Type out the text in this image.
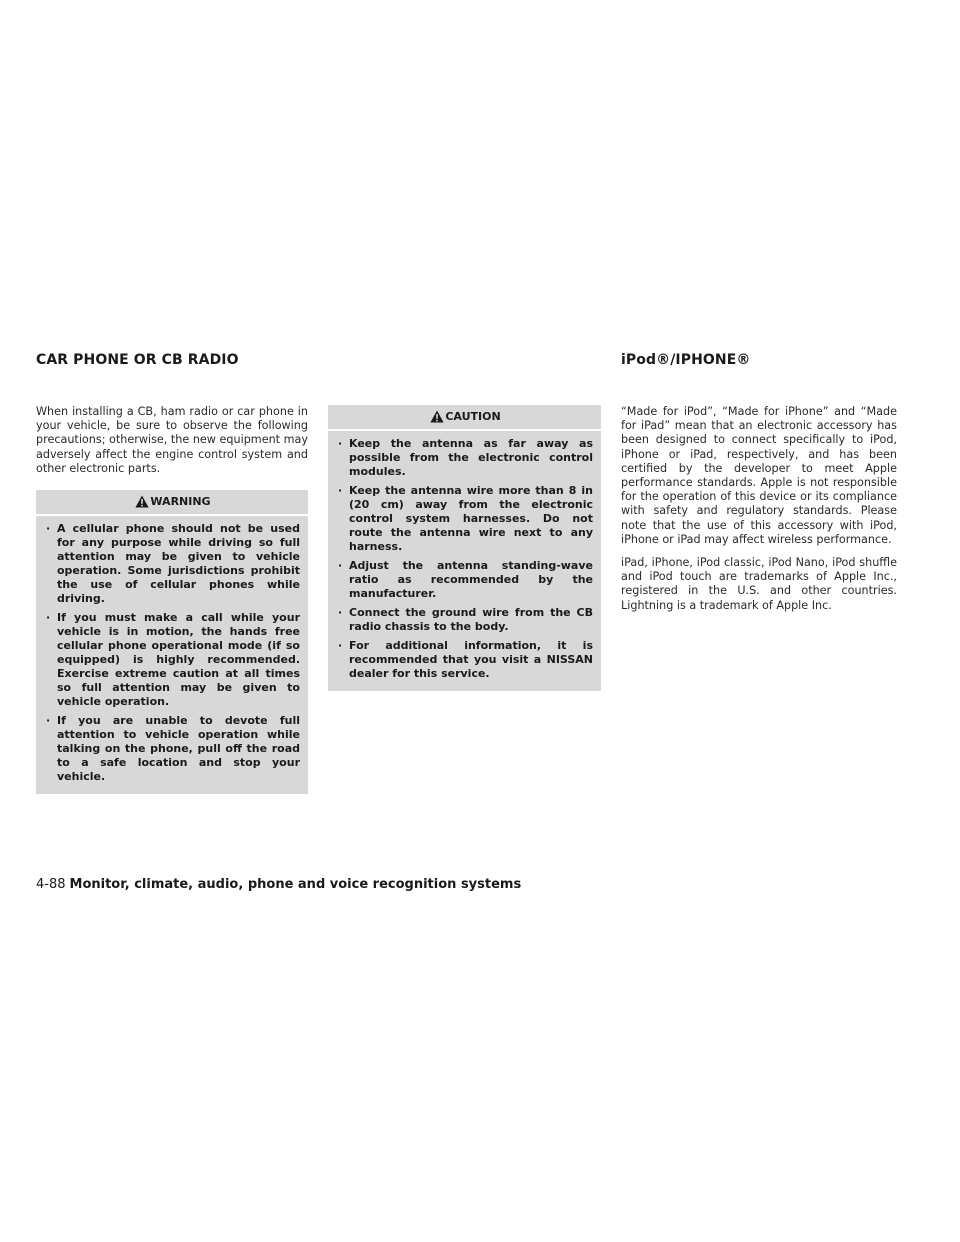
CAR PHONE OR CB RADIO	iPod®/IPHONE®

When installing a CB, ham radio or car phone in your vehicle, be sure to observe the following precautions; otherwise, the new equipment may adversely affect the engine control system and other electronic parts.

WARNING
· A cellular phone should not be used for any purpose while driving so full attention may be given to vehicle operation. Some jurisdictions prohibit the use of cellular phones while driving.
· If you must make a call while your vehicle is in motion, the hands free cellular phone operational mode (if so equipped) is highly recommended. Exercise extreme caution at all times so full attention may be given to vehicle operation.
· If you are unable to devote full attention to vehicle operation while talking on the phone, pull off the road to a safe location and stop your vehicle.
CAUTION
· Keep the antenna as far away as possible from the electronic control modules.
· Keep the antenna wire more than 8 in (20 cm) away from the electronic control system harnesses. Do not route the antenna wire next to any harness.
· Adjust the antenna standing-wave ratio as recommended by the manufacturer.
· Connect the ground wire from the CB radio chassis to the body.
· For additional information, it is recommended that you visit a NISSAN dealer for this service.

“Made for iPod”, “Made for iPhone” and “Made for iPad” mean that an electronic accessory has been designed to connect specifically to iPod, iPhone or iPad, respectively, and has been certified by the developer to meet Apple performance standards. Apple is not responsible for the operation of this device or its compliance with safety and regulatory standards. Please note that the use of this accessory with iPod, iPhone or iPad may affect wireless performance.

iPad, iPhone, iPod classic, iPod Nano, iPod shuffle and iPod touch are trademarks of Apple Inc., registered in the U.S. and other countries. Lightning is a trademark of Apple Inc.

4-88 Monitor, climate, audio, phone and voice recognition systems
